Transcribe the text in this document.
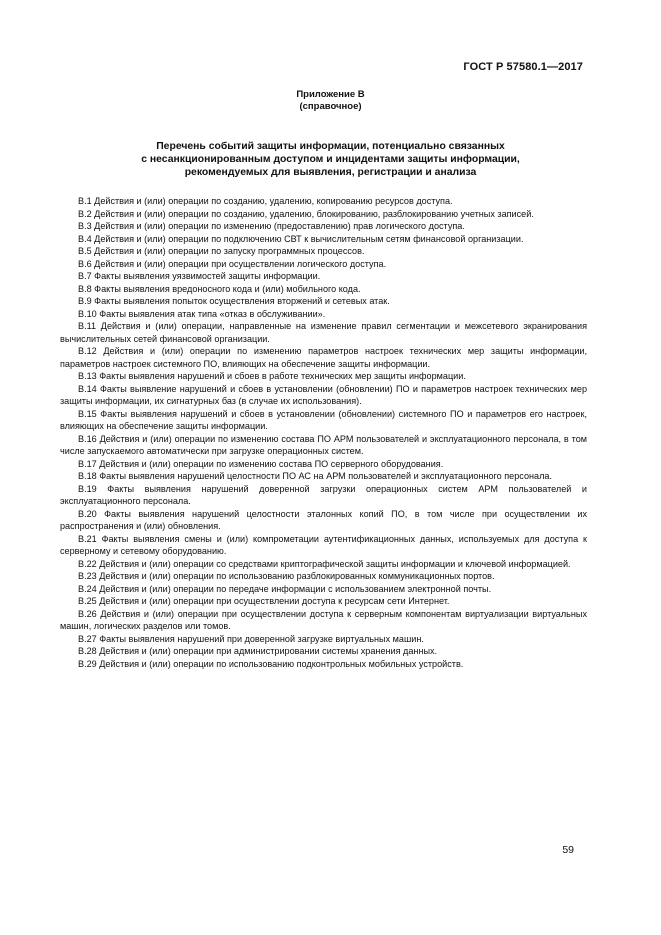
ГОСТ Р 57580.1—2017
Приложение В
(справочное)
Перечень событий защиты информации, потенциально связанных
с несанкционированным доступом и инцидентами защиты информации,
рекомендуемых для выявления, регистрации и анализа

В.1 Действия и (или) операции по созданию, удалению, копированию ресурсов доступа.

В.2 Действия и (или) операции по созданию, удалению, блокированию, разблокированию учетных записей.

В.3 Действия и (или) операции по изменению (предоставлению) прав логического доступа.

В.4 Действия и (или) операции по подключению СВТ к вычислительным сетям финансовой организации.

В.5 Действия и (или) операции по запуску программных процессов.

В.6 Действия и (или) операции при осуществлении логического доступа.

В.7 Факты выявления уязвимостей защиты информации.

В.8 Факты выявления вредоносного кода и (или) мобильного кода.

В.9 Факты выявления попыток осуществления вторжений и сетевых атак.

В.10 Факты выявления атак типа «отказ в обслуживании».

В.11 Действия и (или) операции, направленные на изменение правил сегментации и межсетевого экранирования вычислительных сетей финансовой организации.

В.12 Действия и (или) операции по изменению параметров настроек технических мер защиты информации, параметров настроек системного ПО, влияющих на обеспечение защиты информации.

В.13 Факты выявления нарушений и сбоев в работе технических мер защиты информации.

В.14 Факты выявление нарушений и сбоев в установлении (обновлении) ПО и параметров настроек технических мер защиты информации, их сигнатурных баз (в случае их использования).

В.15 Факты выявления нарушений и сбоев в установлении (обновлении) системного ПО и параметров его настроек, влияющих на обеспечение защиты информации.

В.16 Действия и (или) операции по изменению состава ПО АРМ пользователей и эксплуатационного персонала, в том числе запускаемого автоматически при загрузке операционных систем.

В.17 Действия и (или) операции по изменению состава ПО серверного оборудования.

В.18 Факты выявления нарушений целостности ПО АС на АРМ пользователей и эксплуатационного персонала.

В.19 Факты выявления нарушений доверенной загрузки операционных систем АРМ пользователей и эксплуатационного персонала.

В.20 Факты выявления нарушений целостности эталонных копий ПО, в том числе при осуществлении их распространения и (или) обновления.

В.21 Факты выявления смены и (или) компрометации аутентификационных данных, используемых для доступа к серверному и сетевому оборудованию.

В.22 Действия и (или) операции со средствами криптографической защиты информации и ключевой информацией.

В.23 Действия и (или) операции по использованию разблокированных коммуникационных портов.

В.24 Действия и (или) операции по передаче информации с использованием электронной почты.

В.25 Действия и (или) операции при осуществлении доступа к ресурсам сети Интернет.

В.26 Действия и (или) операции при осуществлении доступа к серверным компонентам виртуализации виртуальных машин, логических разделов или томов.

В.27 Факты выявления нарушений при доверенной загрузке виртуальных машин.

В.28 Действия и (или) операции при администрировании системы хранения данных.

В.29 Действия и (или) операции по использованию подконтрольных мобильных устройств.

59
